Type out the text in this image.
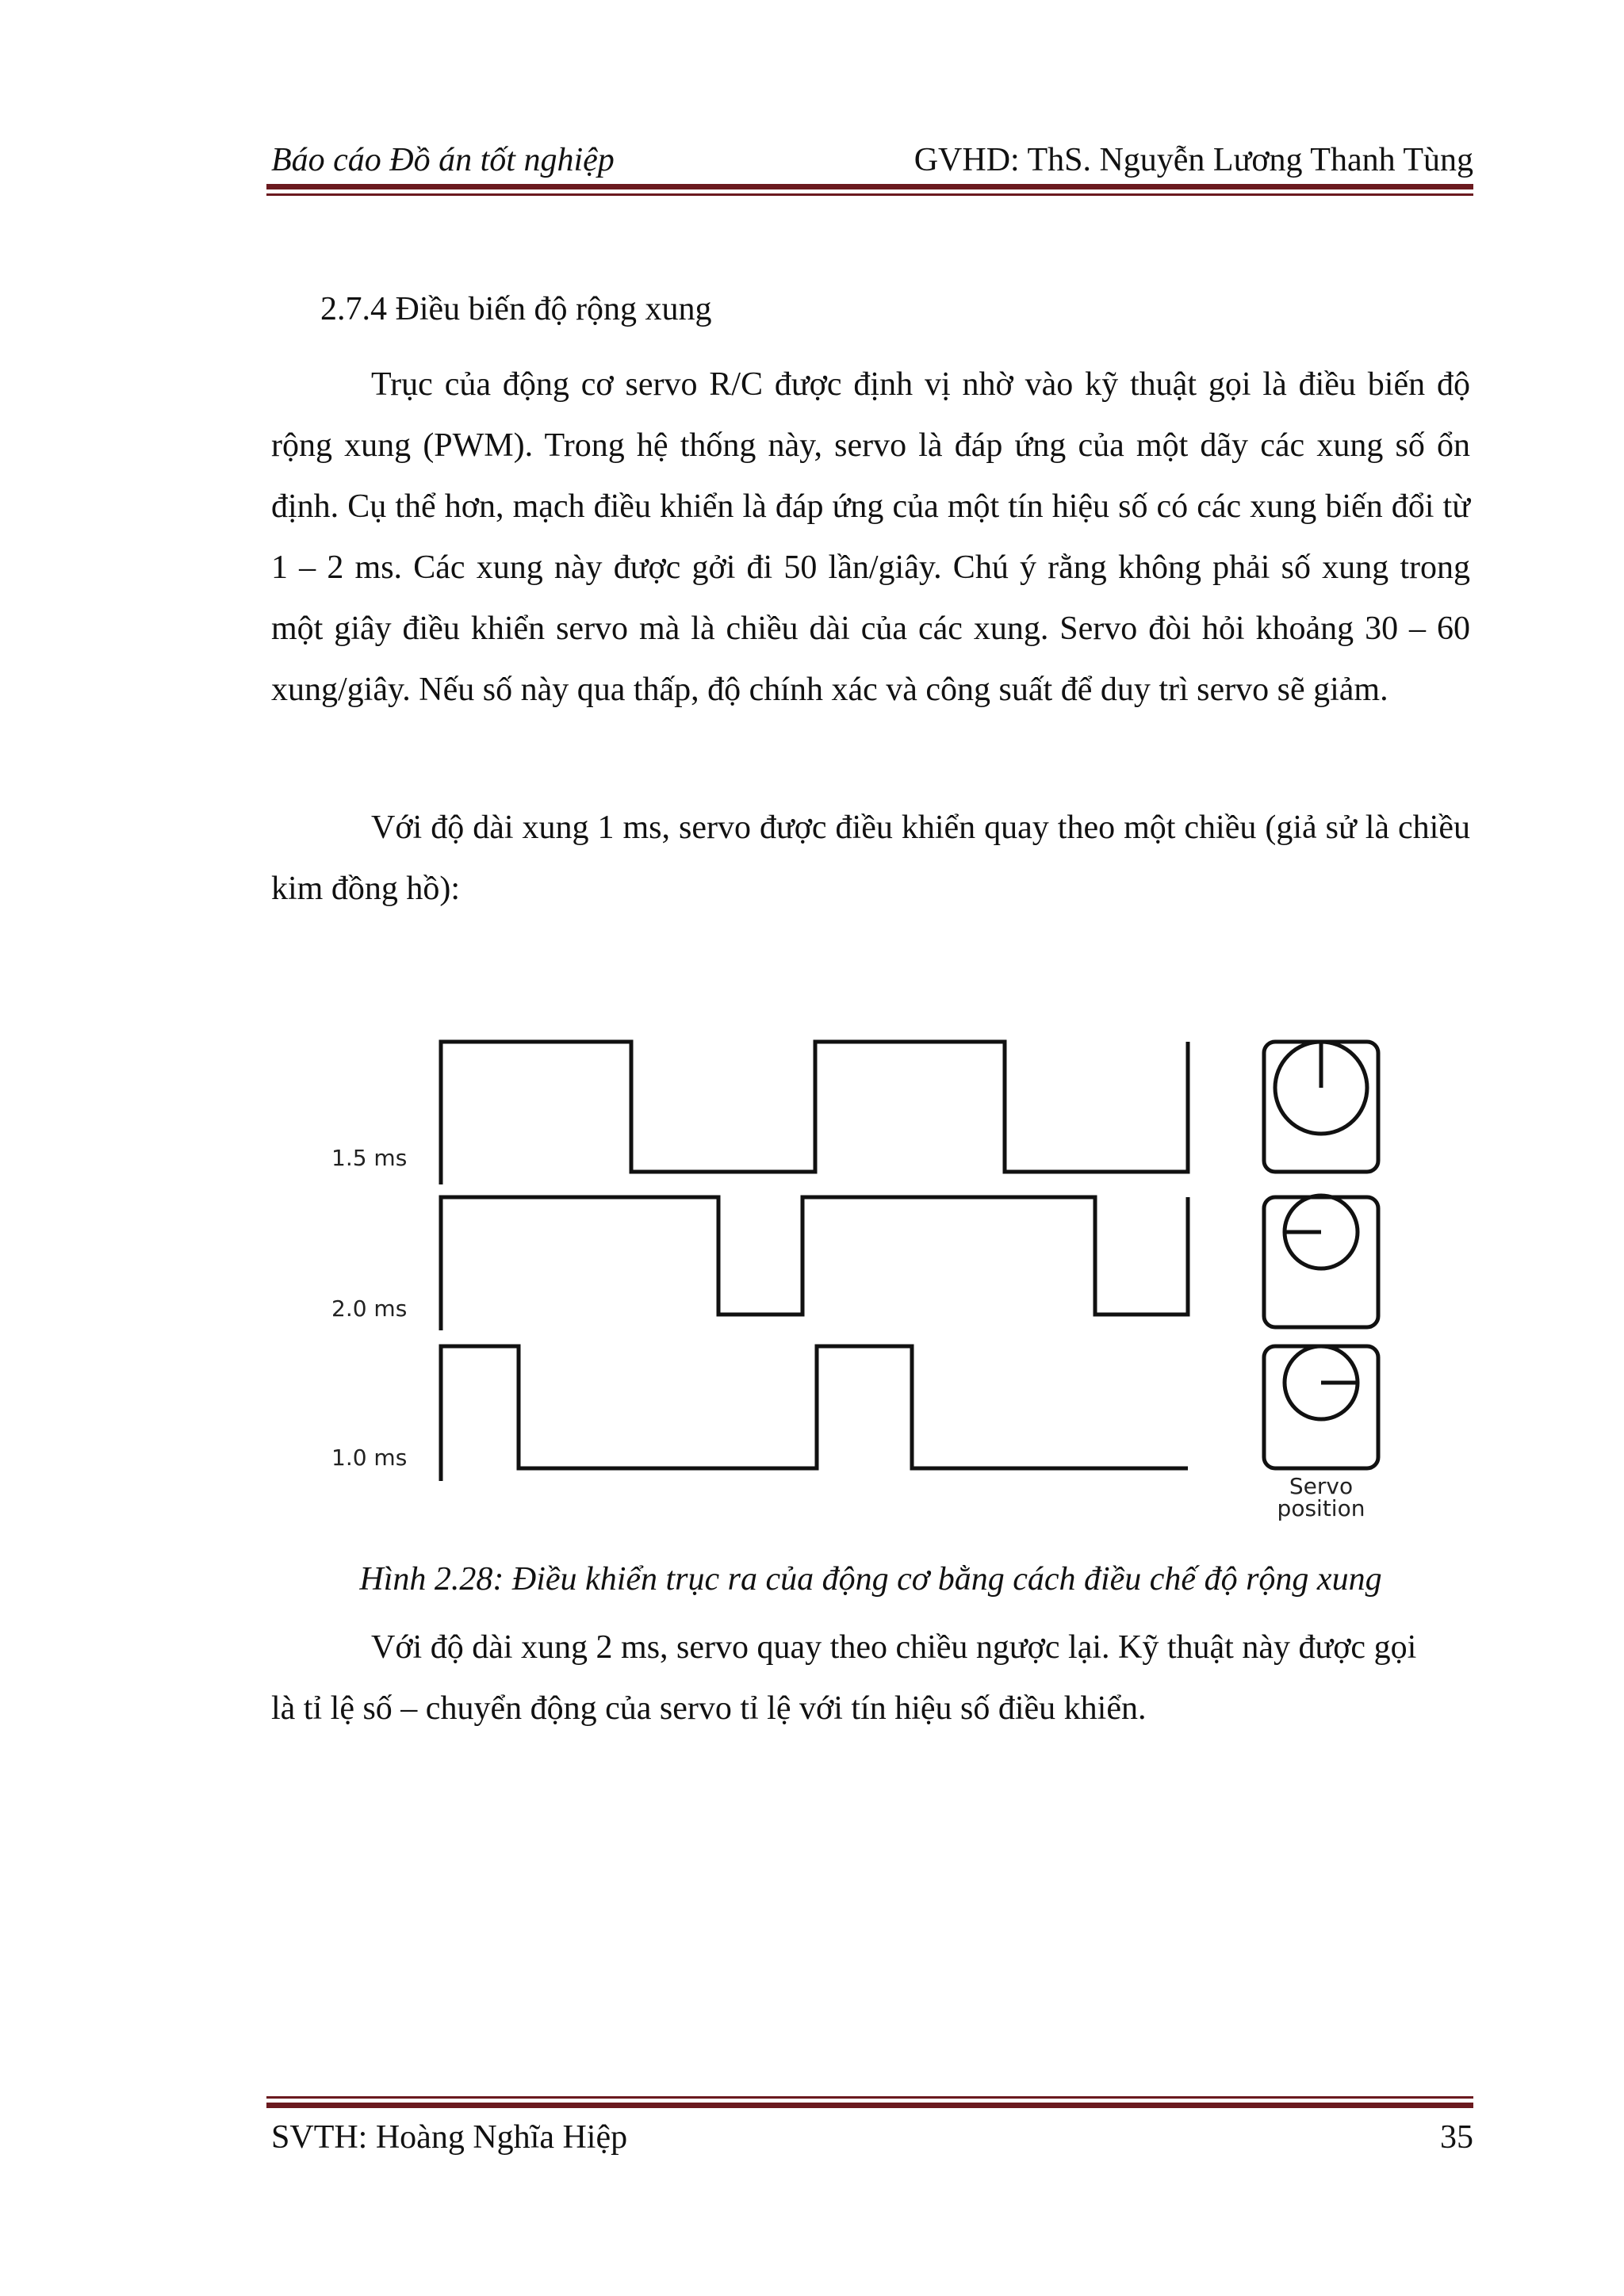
Báo cáo Đồ án tốt nghiệp	GVHD: ThS. Nguyễn Lương Thanh Tùng
2.7.4 Điều biến độ rộng xung

Trục của động cơ servo R/C được định vị nhờ vào kỹ thuật gọi là điều biến độ rộng xung (PWM). Trong hệ thống này, servo là đáp ứng của một dãy các xung số ổn định. Cụ thể hơn, mạch điều khiển là đáp ứng của một tín hiệu số có các xung biến đổi từ 1 – 2 ms. Các xung này được gởi đi 50 lần/giây. Chú ý rằng không phải số xung trong một giây điều khiển servo mà là chiều dài của các xung. Servo đòi hỏi khoảng 30 – 60 xung/giây. Nếu số này qua thấp, độ chính xác và công suất để duy trì servo sẽ giảm.

Với độ dài xung 1 ms, servo được điều khiển quay theo một chiều (giả sử là chiều kim đồng hồ):

1.5 ms
2.0 ms
1.0 ms
Servo
position
Hình 2.28: Điều khiển trục ra của động cơ bằng cách điều chế độ rộng xung

Với độ dài xung 2 ms, servo quay theo chiều ngược lại. Kỹ thuật này được gọi là tỉ lệ số – chuyển động của servo tỉ lệ với tín hiệu số điều khiển.

SVTH: Hoàng Nghĩa Hiệp	35
